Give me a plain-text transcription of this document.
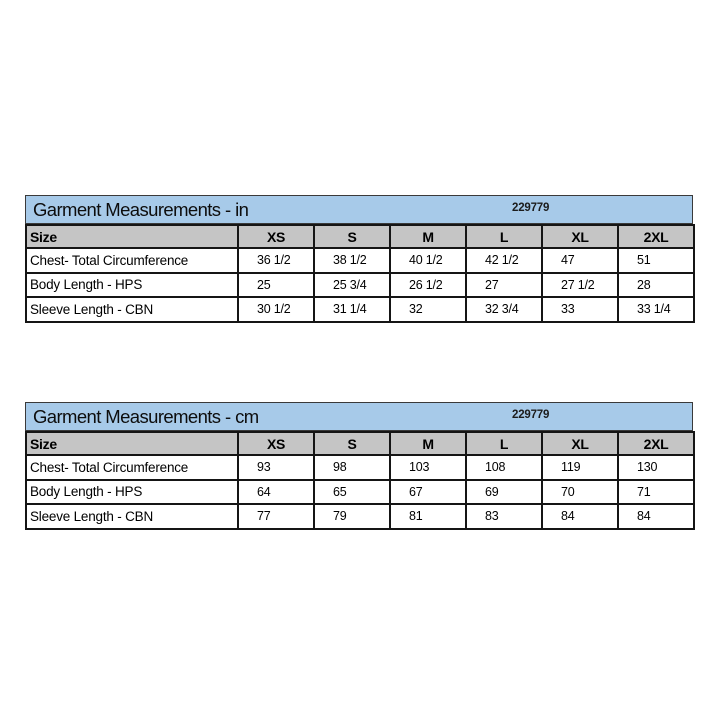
Garment Measurements - in	229779
Size	XS	S	M	L	XL	2XL
Chest- Total Circumference	36 1/2	38 1/2	40 1/2	42 1/2	47	51
Body Length - HPS	25	25 3/4	26 1/2	27	27 1/2	28
Sleeve Length - CBN	30 1/2	31 1/4	32	32 3/4	33	33 1/4
Garment Measurements - cm	229779
Size	XS	S	M	L	XL	2XL
Chest- Total Circumference	93	98	103	108	119	130
Body Length - HPS	64	65	67	69	70	71
Sleeve Length - CBN	77	79	81	83	84	84
